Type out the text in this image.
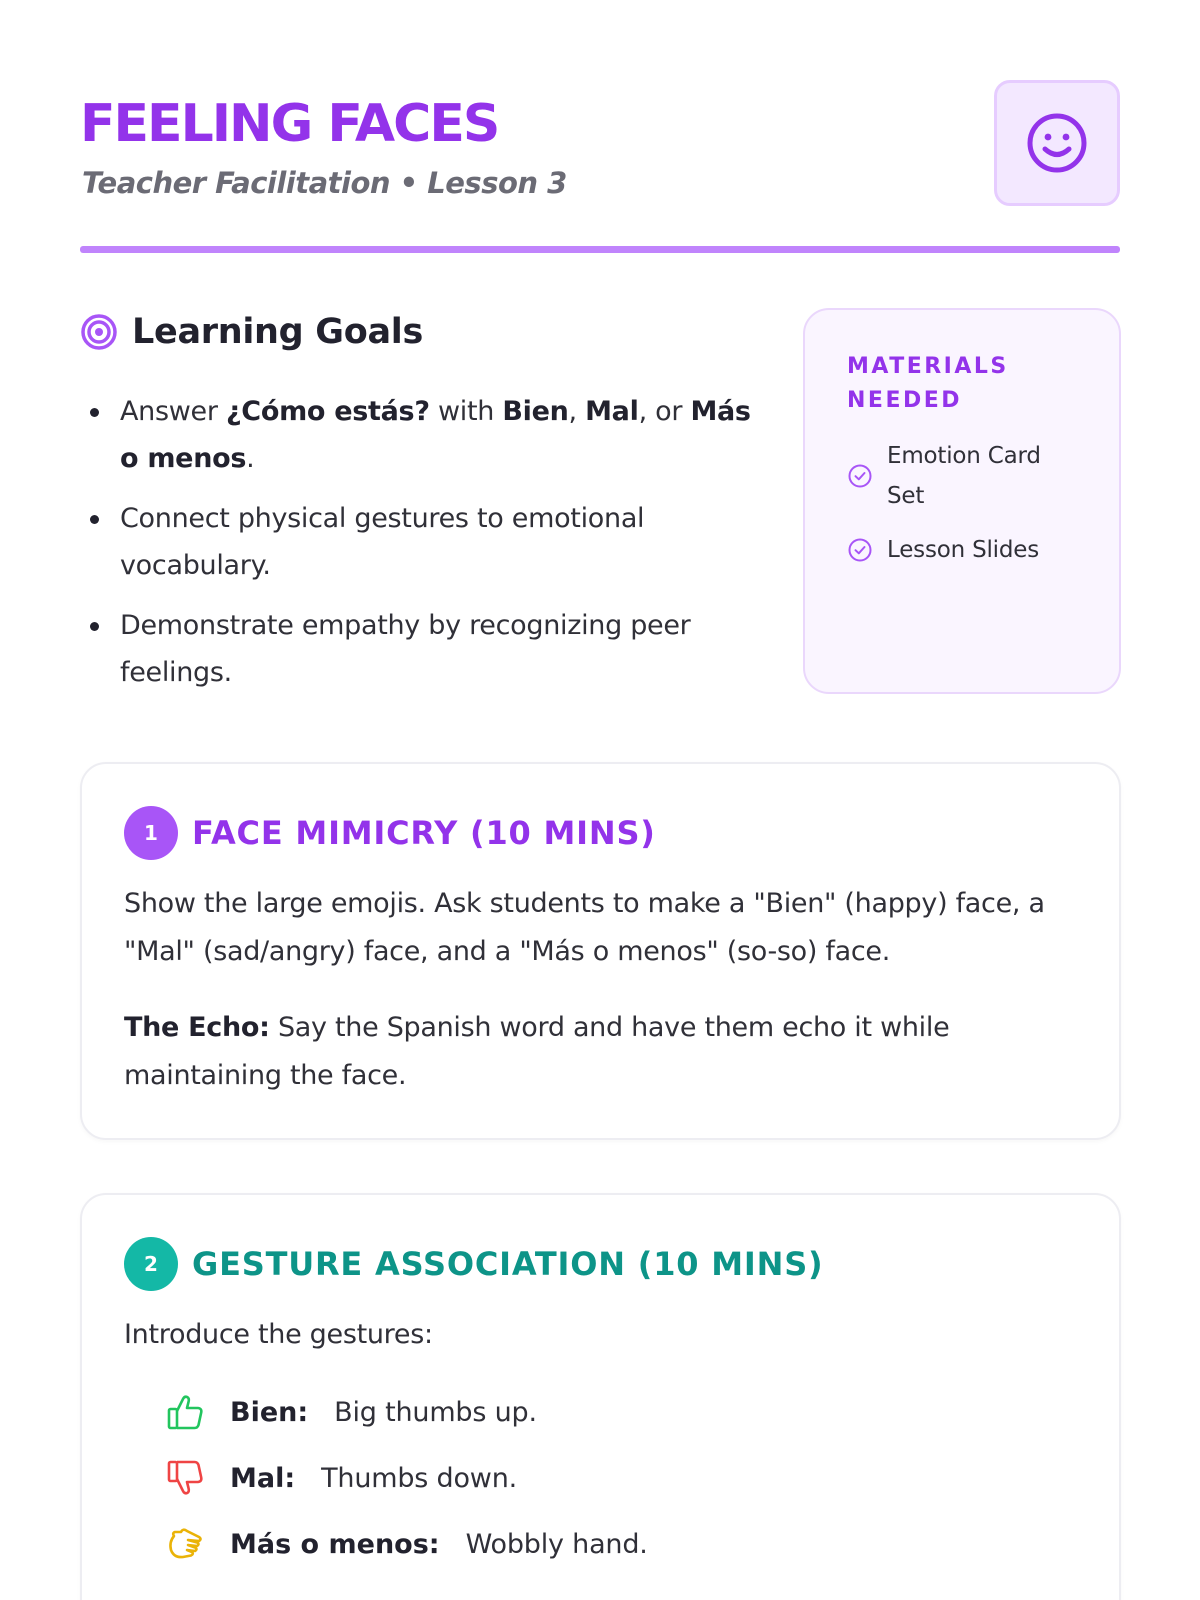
FEELING FACES
Teacher Facilitation • Lesson 3
Learning Goals
Answer ¿Cómo estás? with Bien, Mal, or Más o menos.
Connect physical gestures to emotional vocabulary.
Demonstrate empathy by recognizing peer feelings.
MATERIALS NEEDED
Emotion Card Set
Lesson Slides
1	FACE MIMICRY (10 MINS)

Show the large emojis. Ask students to make a "Bien" (happy) face, a "Mal" (sad/angry) face, and a "Más o menos" (so-so) face.

The Echo: Say the Spanish word and have them echo it while maintaining the face.

2	GESTURE ASSOCIATION (10 MINS)

Introduce the gestures:

Bien: Big thumbs up.
Mal: Thumbs down.
Más o menos: Wobbly hand.
